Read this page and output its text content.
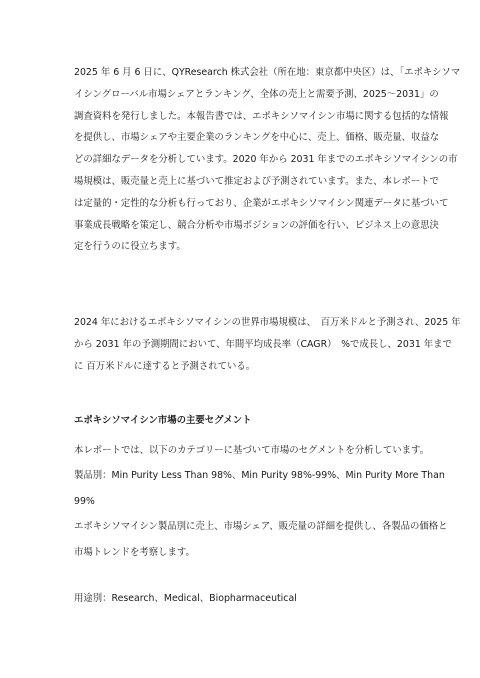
2025 年 6 月 6 日に、QYResearch 株式会社（所在地：東京都中央区）は、「エポキシソマ
イシングローバル市場シェアとランキング、全体の売上と需要予測、2025〜2031」の
調査資料を発行しました。本報告書では、エポキシソマイシン市場に関する包括的な情報
を提供し、市場シェアや主要企業のランキングを中心に、売上、価格、販売量、収益な
どの詳細なデータを分析しています。2020 年から 2031 年までのエポキシソマイシンの市
場規模は、販売量と売上に基づいて推定および予測されています。また、本レポートで
は定量的・定性的な分析も行っており、企業がエポキシソマイシン関連データに基づいて
事業成長戦略を策定し、競合分析や市場ポジションの評価を行い、ビジネス上の意思決
定を行うのに役立ちます。
2024 年におけるエポキシソマイシンの世界市場規模は、　百万米ドルと予測され、2025 年
から 2031 年の予測期間において、年間平均成長率（CAGR）　%で成長し、2031 年まで
に 百万米ドルに達すると予測されている。
エポキシソマイシン市場の主要セグメント
本レポートでは、以下のカテゴリーに基づいて市場のセグメントを分析しています。
製品別：Min Purity Less Than 98%、Min Purity 98%-99%、Min Purity More Than
99%
エポキシソマイシン製品別に売上、市場シェア、販売量の詳細を提供し、各製品の価格と
市場トレンドを考察します。
用途別：Research、Medical、Biopharmaceutical
